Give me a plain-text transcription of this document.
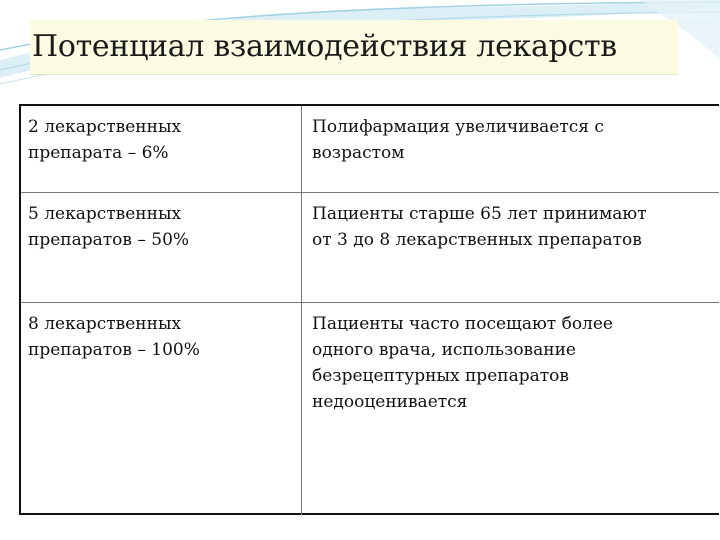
Потенциал взаимодействия лекарств
2 лекарственных
препарата – 6%
Полифармация увеличивается с
возрастом
5 лекарственных
препаратов – 50%
Пациенты старше 65 лет принимают
от 3 до 8 лекарственных препаратов
8 лекарственных
препаратов – 100%
Пациенты часто посещают более
одного врача, использование
безрецептурных препаратов
недооценивается
